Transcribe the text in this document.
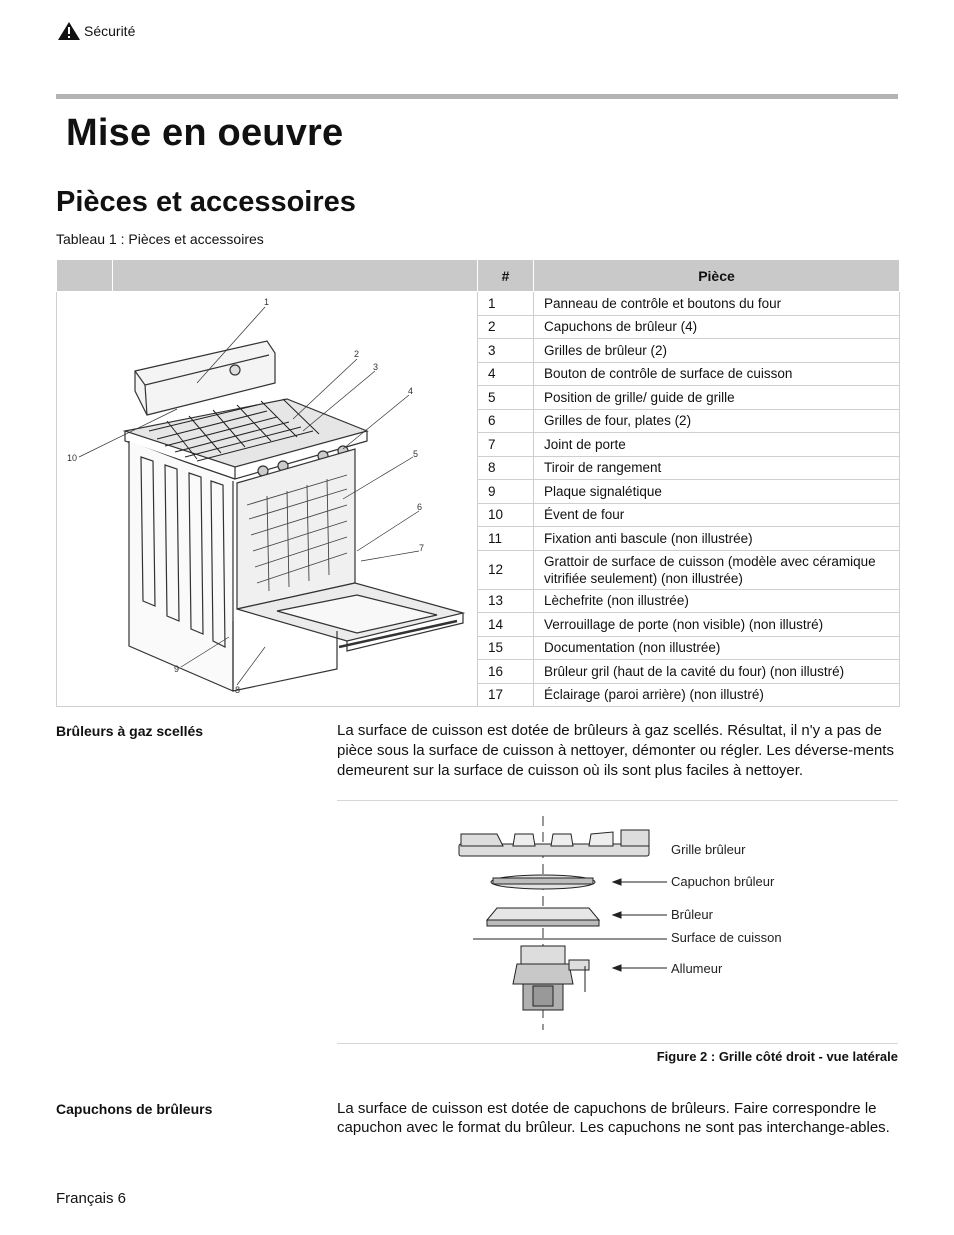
Sécurité
Mise en oeuvre
Pièces et accessoires
Tableau 1 : Pièces et accessoires
		#	Pièce
		1	Panneau de contrôle et boutons du four
		2	Capuchons de brûleur (4)
		3	Grilles de brûleur (2)
		4	Bouton de contrôle de surface de cuisson
		5	Position de grille/ guide de grille
		6	Grilles de four, plates (2)
		7	Joint de porte
		8	Tiroir de rangement
		9	Plaque signalétique
		10	Évent de four
		11	Fixation anti bascule (non illustrée)
		12	Grattoir de surface de cuisson (modèle avec céramique vitrifiée seulement) (non illustrée)
		13	Lèchefrite (non illustrée)
		14	Verrouillage de porte (non visible) (non illustré)
		15	Documentation (non illustrée)
		16	Brûleur gril (haut de la cavité du four) (non illustré)
		17	Éclairage (paroi arrière) (non illustré)
1
2
3
4
5
6
7
8
9
10
Brûleurs à gaz scellés	La surface de cuisson est dotée de brûleurs à gaz scellés. Résultat, il n'y a pas de pièce sous la surface de cuisson à nettoyer, démonter ou régler. Les déverse-ments demeurent sur la surface de cuisson où ils sont plus faciles à nettoyer.
Grille brûleur
Capuchon brûleur
Brûleur
Surface de cuisson
Allumeur
Figure 2 : Grille côté droit - vue latérale
Capuchons de brûleurs	La surface de cuisson est dotée de capuchons de brûleurs. Faire correspondre le capuchon avec le format du brûleur. Les capuchons ne sont pas interchange-ables.
Français 6
